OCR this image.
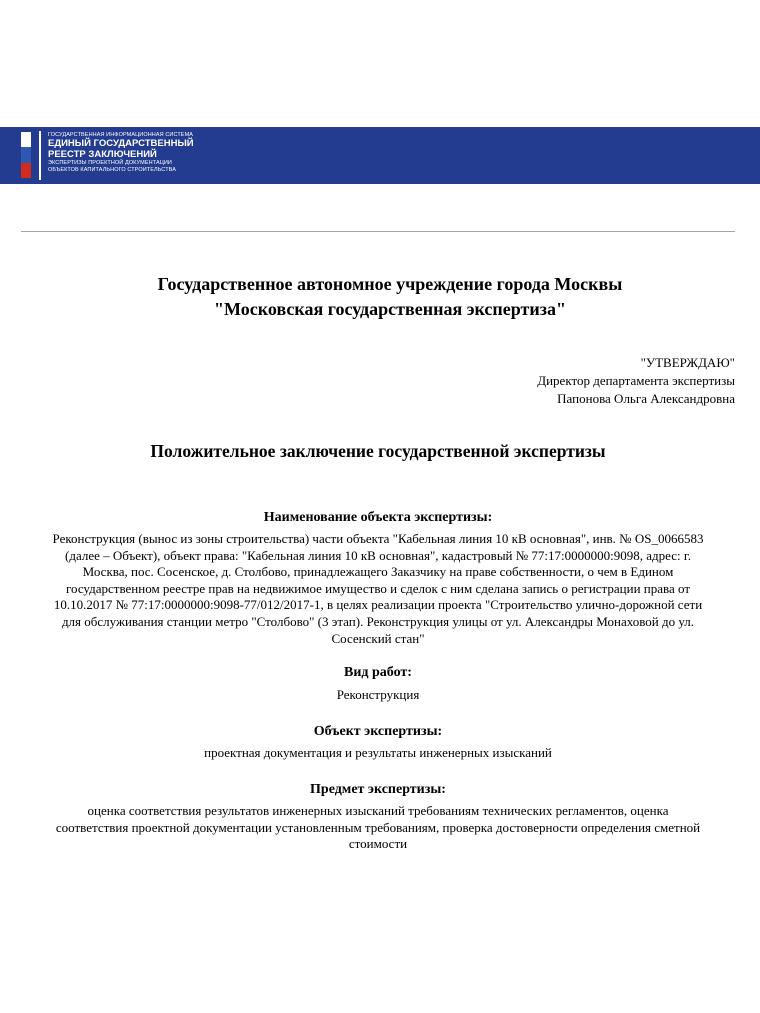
ГОСУДАРСТВЕННАЯ ИНФОРМАЦИОННАЯ СИСТЕМА
ЕДИНЫЙ ГОСУДАРСТВЕННЫЙ
РЕЕСТР ЗАКЛЮЧЕНИЙ
ЭКСПЕРТИЗЫ ПРОЕКТНОЙ ДОКУМЕНТАЦИИ
ОБЪЕКТОВ КАПИТАЛЬНОГО СТРОИТЕЛЬСТВА
Государственное автономное учреждение города Москвы
"Московская государственная экспертиза"
"УТВЕРЖДАЮ"
Директор департамента экспертизы
Папонова Ольга Александровна
Положительное заключение государственной экспертизы
Наименование объекта экспертизы:
Реконструкция (вынос из зоны строительства) части объекта "Кабельная линия 10 кВ основная", инв. № OS_0066583
(далее – Объект), объект права: "Кабельная линия 10 кВ основная", кадастровый № 77:17:0000000:9098, адрес: г.
Москва, пос. Сосенское, д. Столбово, принадлежащего Заказчику на праве собственности, о чем в Едином
государственном реестре прав на недвижимое имущество и сделок с ним сделана запись о регистрации права от
10.10.2017 № 77:17:0000000:9098-77/012/2017-1, в целях реализации проекта "Строительство улично-дорожной сети
для обслуживания станции метро "Столбово" (3 этап). Реконструкция улицы от ул. Александры Монаховой до ул.
Сосенский стан"
Вид работ:
Реконструкция
Объект экспертизы:
проектная документация и результаты инженерных изысканий
Предмет экспертизы:
оценка соответствия результатов инженерных изысканий требованиям технических регламентов, оценка
соответствия проектной документации установленным требованиям, проверка достоверности определения сметной
стоимости
